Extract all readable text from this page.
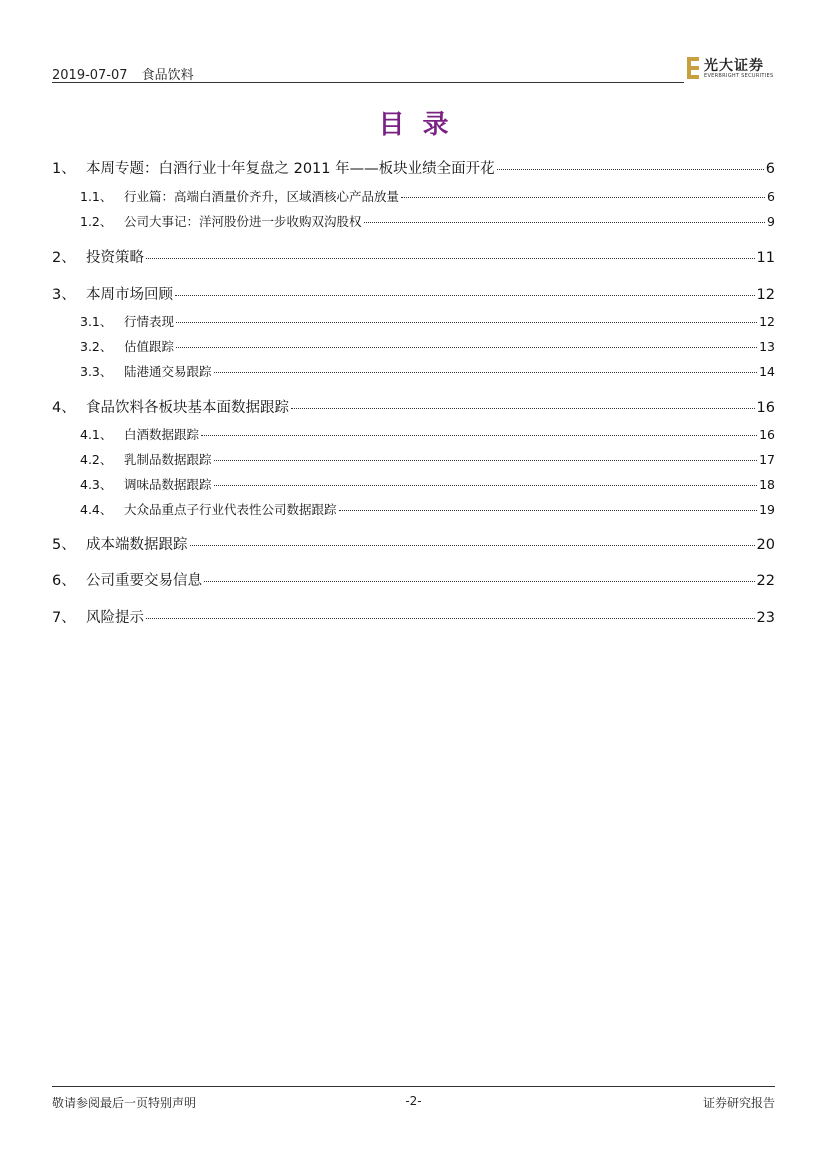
2019-07-07 食品饮料
光大证券
EVERBRIGHT SECURITIES
目录
1、 本周专题：白酒行业十年复盘之 2011 年——板块业绩全面开花	6
1.1、 行业篇：高端白酒量价齐升，区域酒核心产品放量	6
1.2、 公司大事记：洋河股份进一步收购双沟股权	9
2、 投资策略	11
3、 本周市场回顾	12
3.1、 行情表现	12
3.2、 估值跟踪	13
3.3、 陆港通交易跟踪	14
4、 食品饮料各板块基本面数据跟踪	16
4.1、 白酒数据跟踪	16
4.2、 乳制品数据跟踪	17
4.3、 调味品数据跟踪	18
4.4、 大众品重点子行业代表性公司数据跟踪	19
5、 成本端数据跟踪	20
6、 公司重要交易信息	22
7、 风险提示	23
敬请参阅最后一页特别声明	-2-	证券研究报告
